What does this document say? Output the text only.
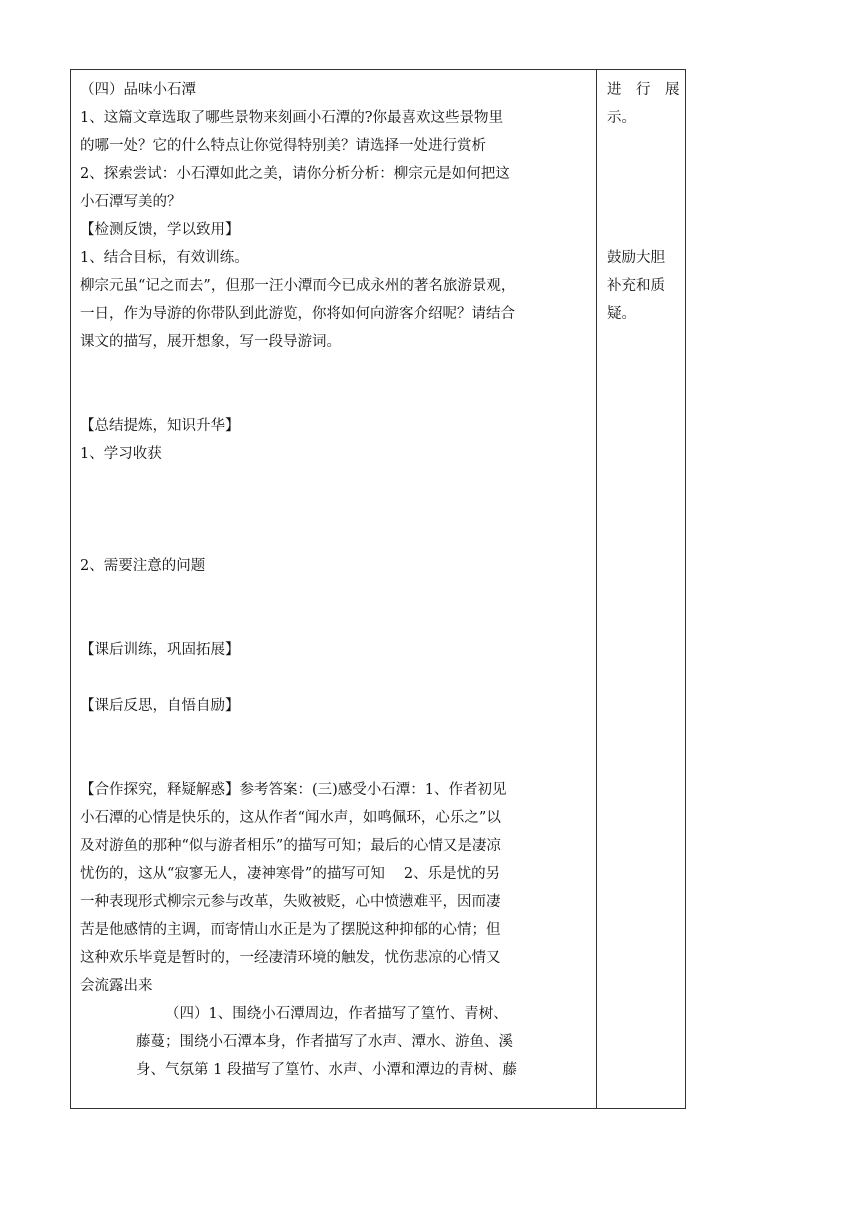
（四）品味小石潭
1、这篇文章选取了哪些景物来刻画小石潭的?你最喜欢这些景物里
的哪一处？它的什么特点让你觉得特别美？请选择一处进行赏析
2、探索尝试：小石潭如此之美，请你分析分析：柳宗元是如何把这
小石潭写美的？
【检测反馈，学以致用】
1、结合目标，有效训练。
柳宗元虽“记之而去”，但那一汪小潭而今已成永州的著名旅游景观，
一日，作为导游的你带队到此游览，你将如何向游客介绍呢？请结合
课文的描写，展开想象，写一段导游词。
【总结提炼，知识升华】
1、学习收获
2、需要注意的问题
【课后训练，巩固拓展】
【课后反思，自悟自励】
【合作探究，释疑解惑】参考答案：(三)感受小石潭：1、作者初见
小石潭的心情是快乐的，这从作者“闻水声，如鸣佩环，心乐之”以
及对游鱼的那种“似与游者相乐”的描写可知；最后的心情又是凄凉
忧伤的，这从“寂寥无人，凄神寒骨”的描写可知　 2、乐是忧的另
一种表现形式柳宗元参与改革，失败被贬，心中愤懑难平，因而凄
苦是他感情的主调，而寄情山水正是为了摆脱这种抑郁的心情；但
这种欢乐毕竟是暂时的，一经凄清环境的触发，忧伤悲凉的心情又
会流露出来
（四）1、围绕小石潭周边，作者描写了篁竹、青树、
藤蔓；围绕小石潭本身，作者描写了水声、潭水、游鱼、溪
身、气氛第 1 段描写了篁竹、水声、小潭和潭边的青树、藤
进　行　展
示。
鼓励大胆
补充和质
疑。
